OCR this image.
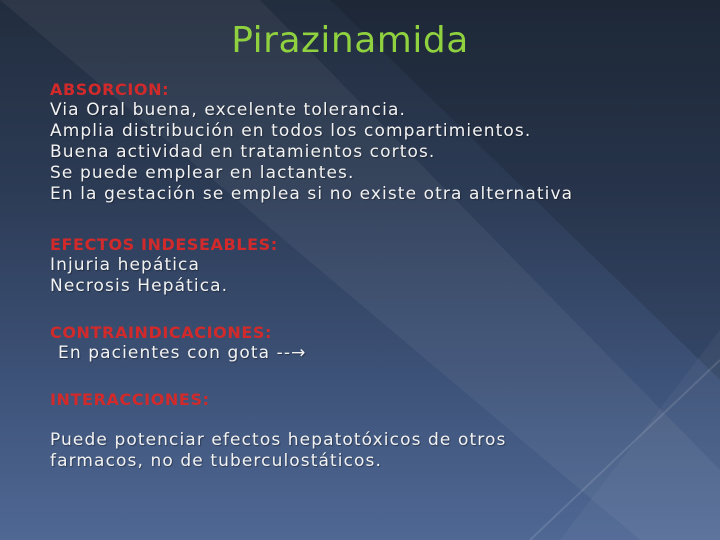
Pirazinamida
ABSORCION:
Via Oral buena, excelente tolerancia.
Amplia distribución en todos los compartimientos.
Buena actividad en tratamientos cortos.
Se puede emplear en lactantes.
En la gestación se emplea si no existe otra alternativa
EFECTOS INDESEABLES:
Injuria hepática
Necrosis Hepática.
CONTRAINDICACIONES:
En pacientes con gota --→
INTERACCIONES:
Puede potenciar efectos hepatotóxicos de otros
farmacos, no de tuberculostáticos.
